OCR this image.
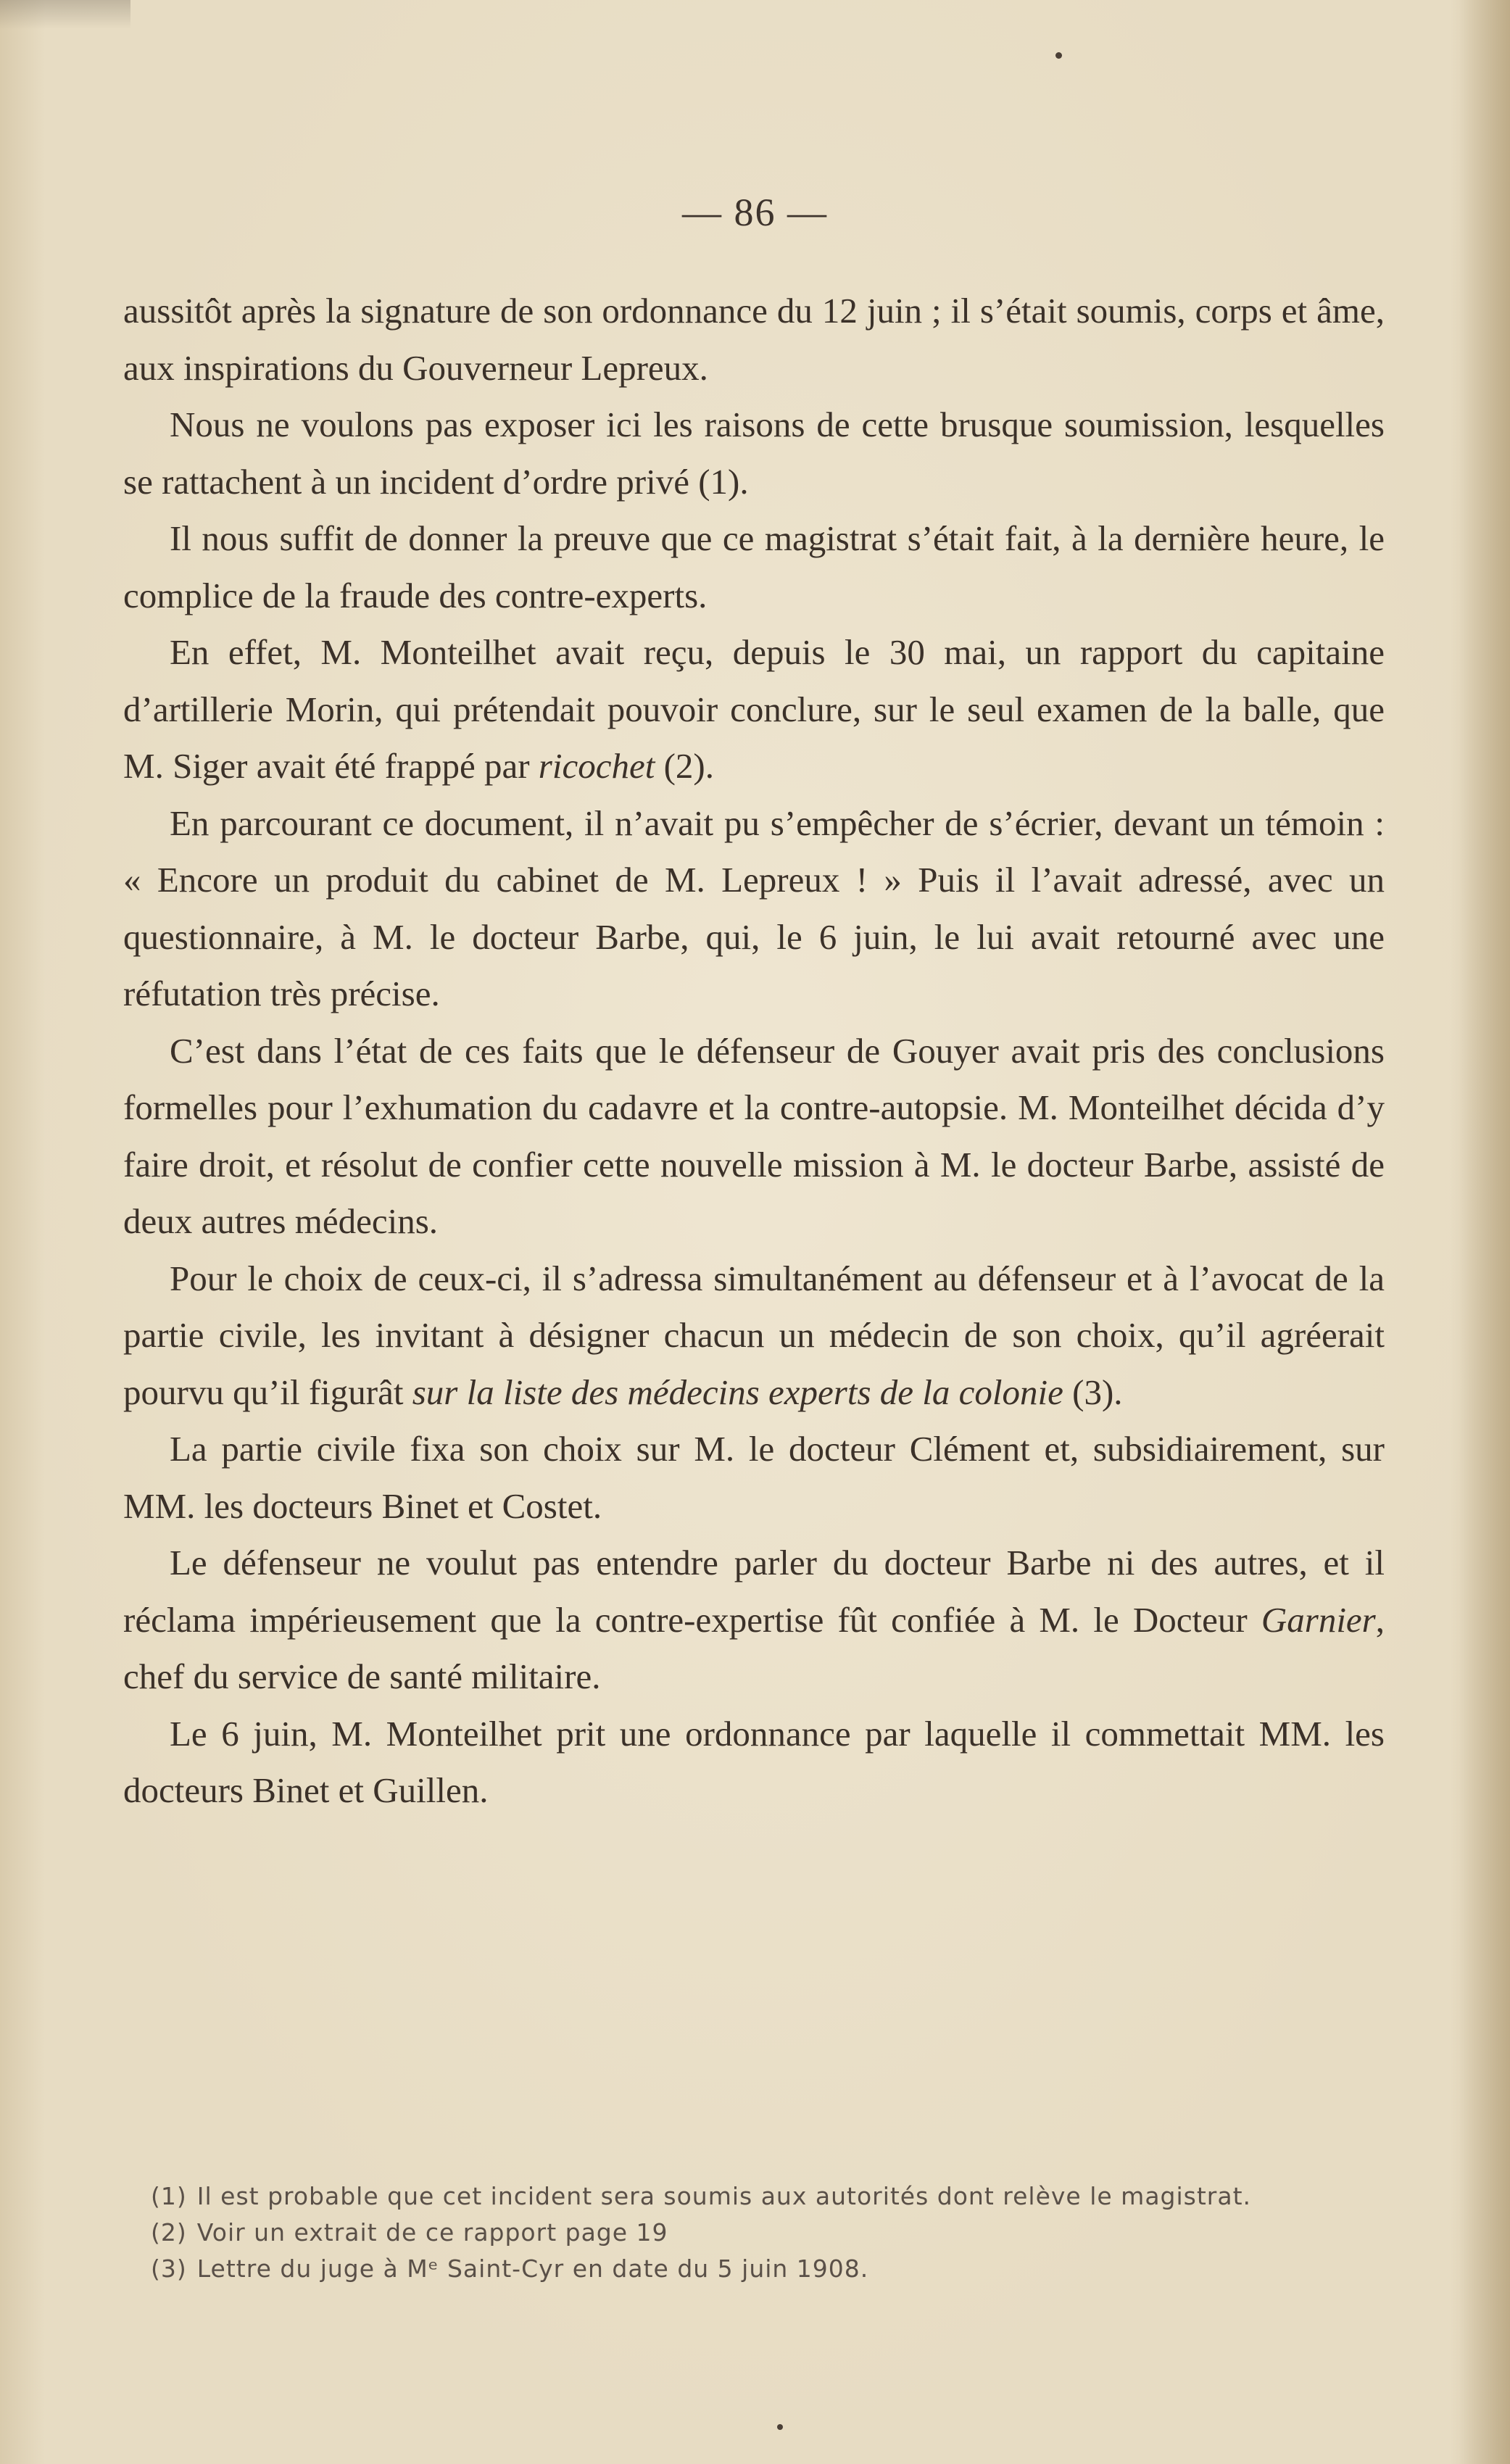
— 86 —

aussitôt après la signature de son ordonnance du 12 juin ; il s’était soumis, corps et âme, aux inspirations du Gouverneur Lepreux.

Nous ne voulons pas exposer ici les raisons de cette brusque soumission, lesquelles se rattachent à un incident d’ordre privé (1).

Il nous suffit de donner la preuve que ce magistrat s’était fait, à la dernière heure, le complice de la fraude des contre-experts.

En effet, M. Monteilhet avait reçu, depuis le 30 mai, un rapport du capitaine d’artillerie Morin, qui prétendait pouvoir conclure, sur le seul examen de la balle, que M. Siger avait été frappé par ricochet (2).

En parcourant ce document, il n’avait pu s’empêcher de s’écrier, devant un témoin : « Encore un produit du cabinet de M. Lepreux ! » Puis il l’avait adressé, avec un questionnaire, à M. le docteur Barbe, qui, le 6 juin, le lui avait retourné avec une réfutation très précise.

C’est dans l’état de ces faits que le défenseur de Gouyer avait pris des conclusions formelles pour l’exhumation du cadavre et la contre-autopsie. M. Monteilhet décida d’y faire droit, et résolut de confier cette nouvelle mission à M. le docteur Barbe, assisté de deux autres médecins.

Pour le choix de ceux-ci, il s’adressa simultanément au défenseur et à l’avocat de la partie civile, les invitant à désigner chacun un médecin de son choix, qu’il agréerait pourvu qu’il figurât sur la liste des médecins experts de la colonie (3).

La partie civile fixa son choix sur M. le docteur Clément et, subsidiairement, sur MM. les docteurs Binet et Costet.

Le défenseur ne voulut pas entendre parler du docteur Barbe ni des autres, et il réclama impérieusement que la contre-expertise fût confiée à M. le Docteur Garnier, chef du service de santé militaire.

Le 6 juin, M. Monteilhet prit une ordonnance par laquelle il commettait MM. les docteurs Binet et Guillen.

(1) Il est probable que cet incident sera soumis aux autorités dont relève le magistrat.

(2) Voir un extrait de ce rapport page 19

(3) Lettre du juge à Mᵉ Saint-Cyr en date du 5 juin 1908.
